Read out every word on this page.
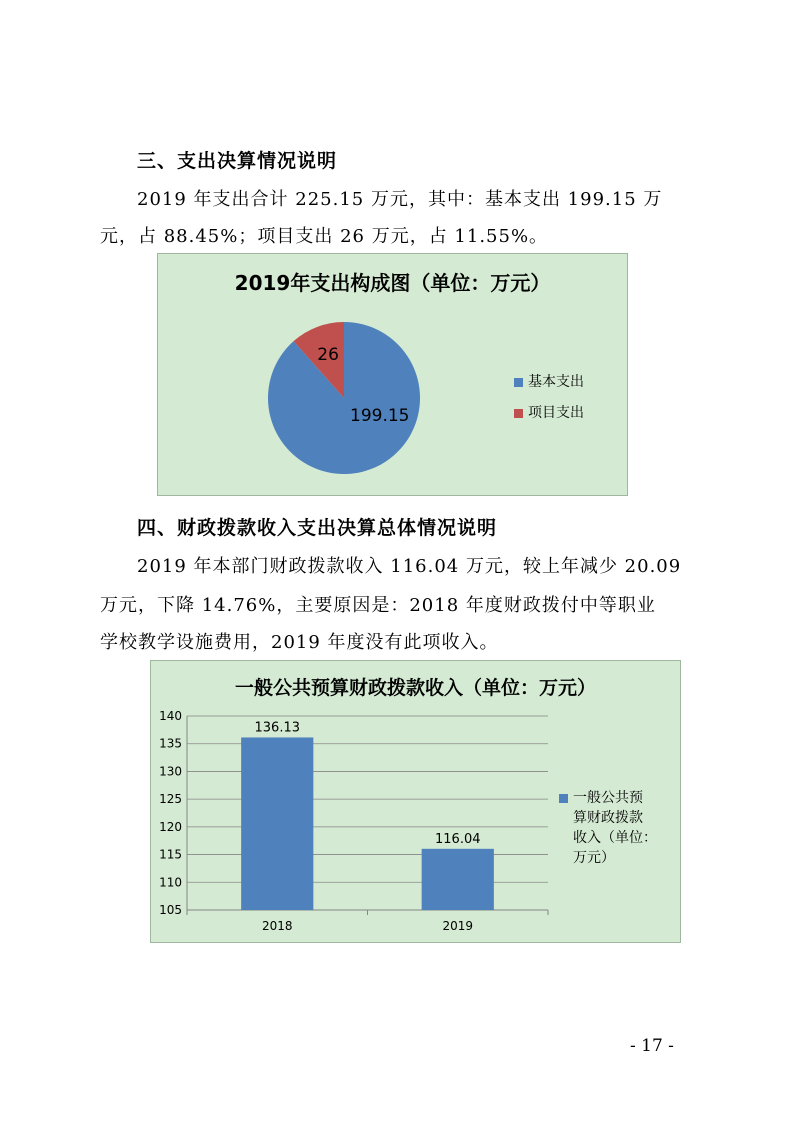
三、支出决算情况说明
2019 年支出合计 225.15 万元，其中：基本支出 199.15 万
元，占 88.45%；项目支出 26 万元，占 11.55%。
2019年支出构成图（单位：万元）
199.15
26
基本支出
项目支出
四、财政拨款收入支出决算总体情况说明
2019 年本部门财政拨款收入 116.04 万元，较上年减少 20.09
万元，下降 14.76%，主要原因是：2018 年度财政拨付中等职业
学校教学设施费用，2019 年度没有此项收入。
一般公共预算财政拨款收入（单位：万元）
136.13
116.04
105
110
115
120
125
130
135
140
2018	2019
一般公共预
算财政拨款
收入（单位：
万元）
- 17 -
